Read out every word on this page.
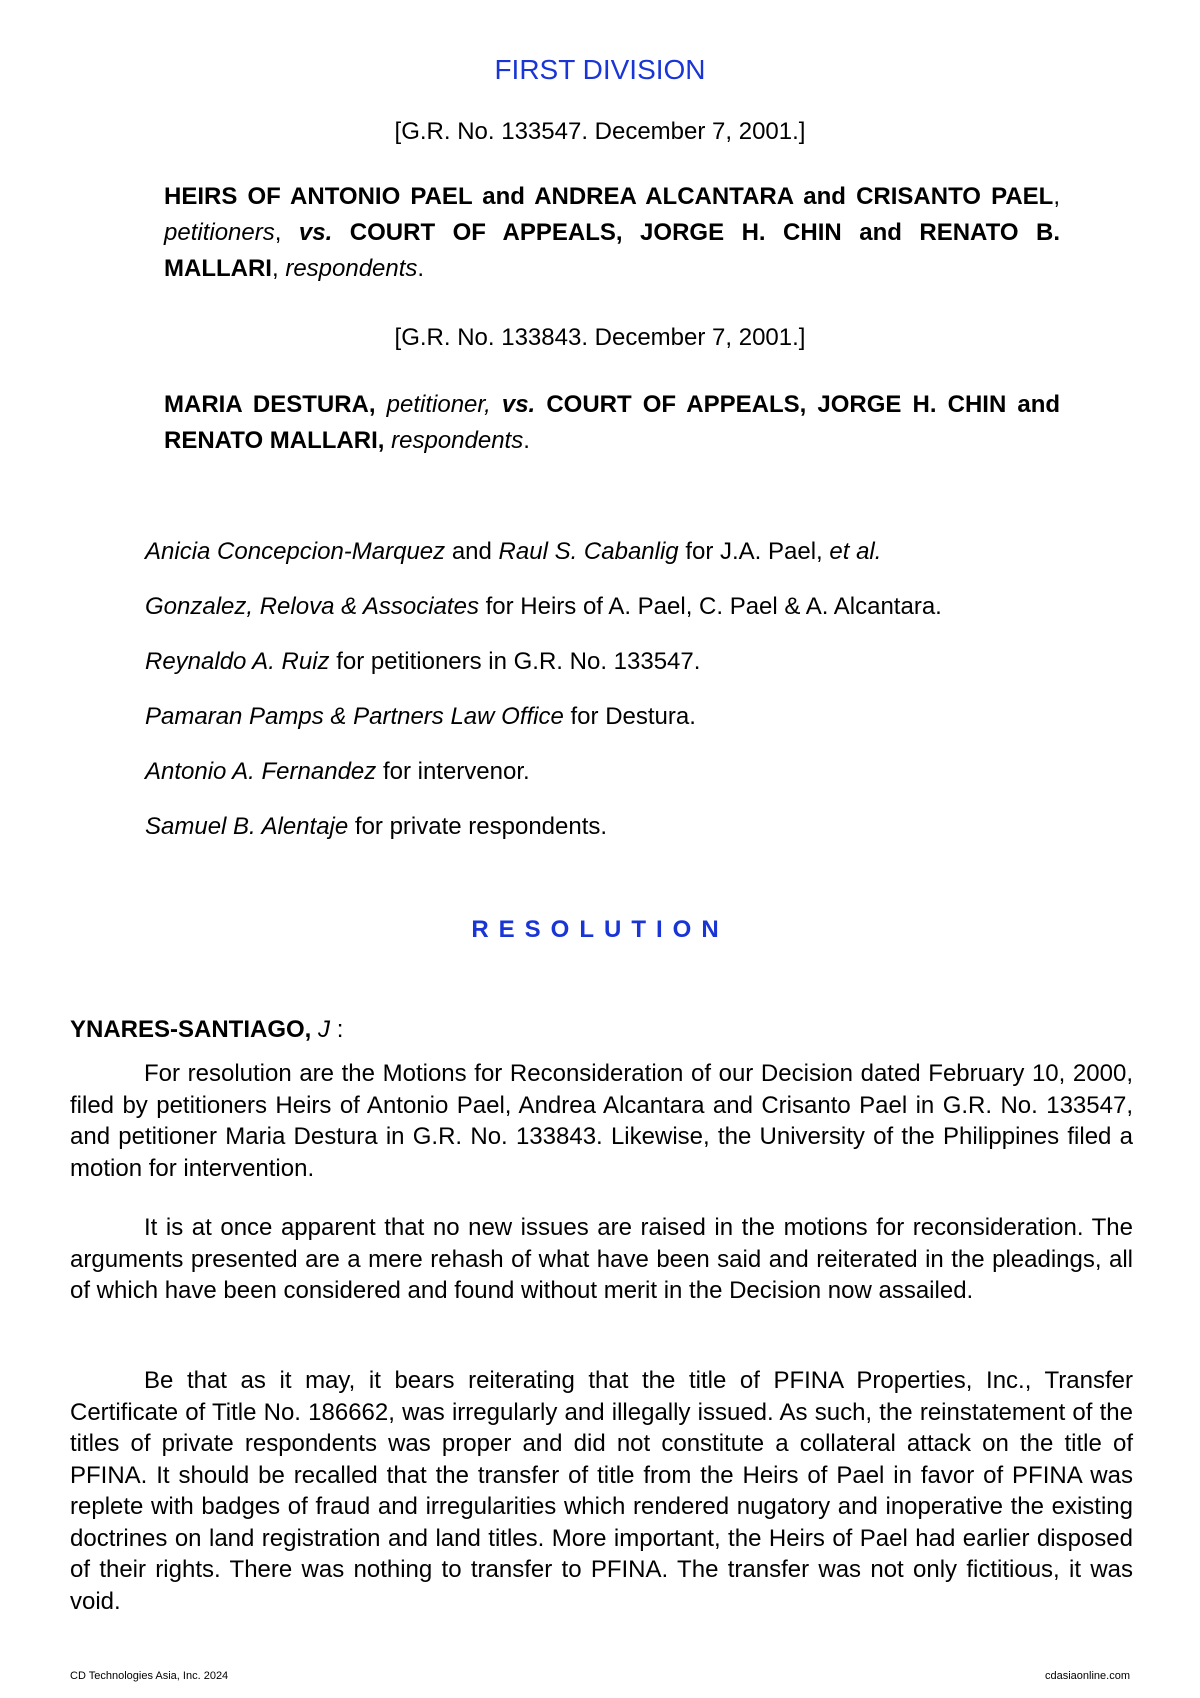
FIRST DIVISION
[G.R. No. 133547. December 7, 2001.]
HEIRS OF ANTONIO PAEL and ANDREA ALCANTARA and CRISANTO PAEL, petitioners, vs. COURT OF APPEALS, JORGE H. CHIN and RENATO B. MALLARI, respondents.
[G.R. No. 133843. December 7, 2001.]
MARIA DESTURA, petitioner, vs. COURT OF APPEALS, JORGE H. CHIN and RENATO MALLARI, respondents.
Anicia Concepcion-Marquez and Raul S. Cabanlig for J.A. Pael, et al.
Gonzalez, Relova & Associates for Heirs of A. Pael, C. Pael & A. Alcantara.
Reynaldo A. Ruiz for petitioners in G.R. No. 133547.
Pamaran Pamps & Partners Law Office for Destura.
Antonio A. Fernandez for intervenor.
Samuel B. Alentaje for private respondents.
RESOLUTION
YNARES-SANTIAGO, J :

For resolution are the Motions for Reconsideration of our Decision dated February 10, 2000, filed by petitioners Heirs of Antonio Pael, Andrea Alcantara and Crisanto Pael in G.R. No. 133547, and petitioner Maria Destura in G.R. No. 133843. Likewise, the University of the Philippines filed a motion for intervention.

It is at once apparent that no new issues are raised in the motions for reconsideration. The arguments presented are a mere rehash of what have been said and reiterated in the pleadings, all of which have been considered and found without merit in the Decision now assailed.

Be that as it may, it bears reiterating that the title of PFINA Properties, Inc., Transfer Certificate of Title No. 186662, was irregularly and illegally issued. As such, the reinstatement of the titles of private respondents was proper and did not constitute a collateral attack on the title of PFINA. It should be recalled that the transfer of title from the Heirs of Pael in favor of PFINA was replete with badges of fraud and irregularities which rendered nugatory and inoperative the existing doctrines on land registration and land titles. More important, the Heirs of Pael had earlier disposed of their rights. There was nothing to transfer to PFINA. The transfer was not only fictitious, it was void.

CD Technologies Asia, Inc. 2024	cdasiaonline.com
